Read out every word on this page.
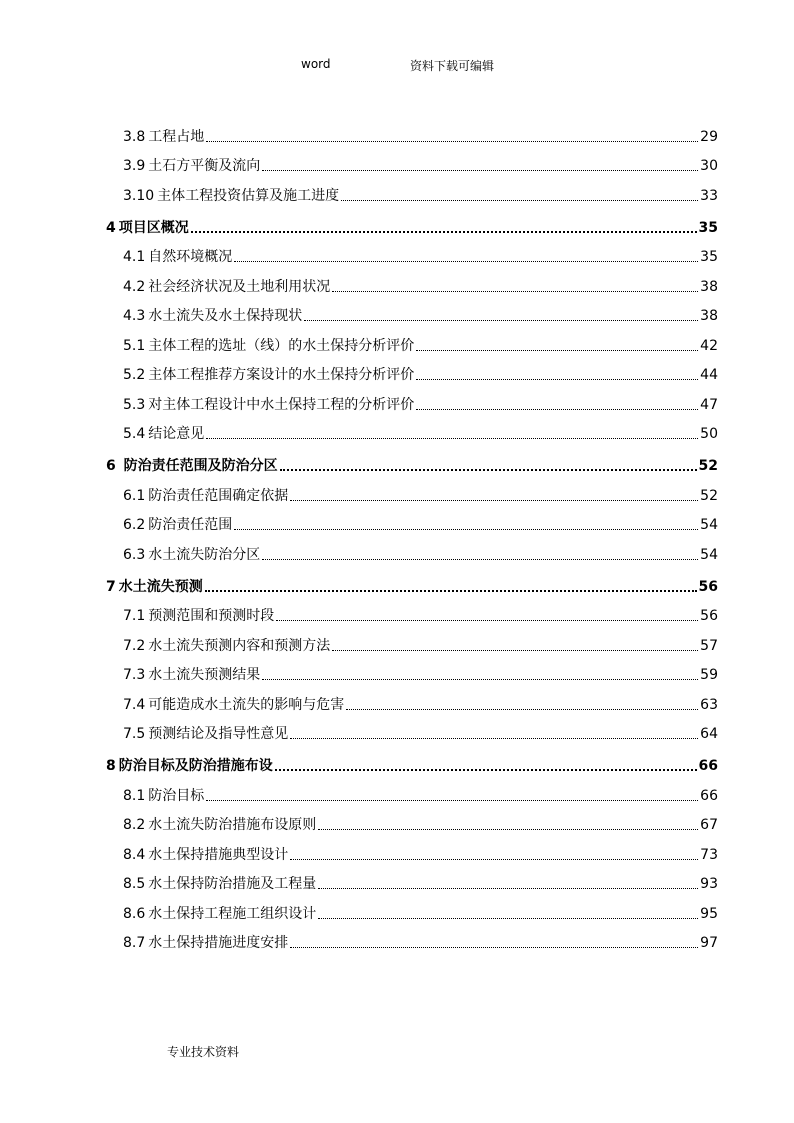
word	资料下载可编辑
3.8 工程占地	29
3.9 土石方平衡及流向	30
3.10 主体工程投资估算及施工进度	33
4 项目区概况	35
4.1 自然环境概况	35
4.2 社会经济状况及土地利用状况	38
4.3 水土流失及水土保持现状	38
5.1 主体工程的选址（线）的水土保持分析评价	42
5.2 主体工程推荐方案设计的水土保持分析评价	44
5.3 对主体工程设计中水土保持工程的分析评价	47
5.4 结论意见	50
6 防治责任范围及防治分区	52
6.1 防治责任范围确定依据	52
6.2 防治责任范围	54
6.3 水土流失防治分区	54
7 水土流失预测	56
7.1 预测范围和预测时段	56
7.2 水土流失预测内容和预测方法	57
7.3 水土流失预测结果	59
7.4 可能造成水土流失的影响与危害	63
7.5 预测结论及指导性意见	64
8 防治目标及防治措施布设	66
8.1 防治目标	66
8.2 水土流失防治措施布设原则	67
8.4 水土保持措施典型设计	73
8.5 水土保持防治措施及工程量	93
8.6 水土保持工程施工组织设计	95
8.7 水土保持措施进度安排	97
专业技术资料
